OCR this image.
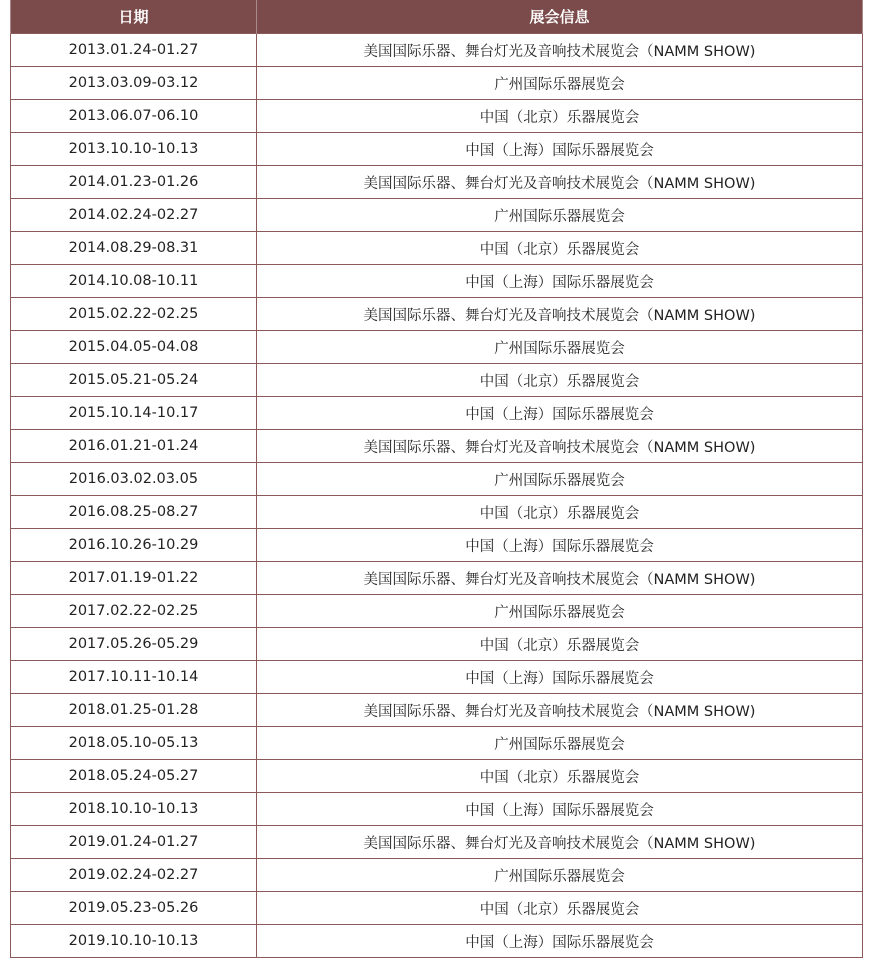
日期	展会信息
2013.01.24-01.27	美国国际乐器、舞台灯光及音响技术展览会（NAMM SHOW)
2013.03.09-03.12	广州国际乐器展览会
2013.06.07-06.10	中国（北京）乐器展览会
2013.10.10-10.13	中国（上海）国际乐器展览会
2014.01.23-01.26	美国国际乐器、舞台灯光及音响技术展览会（NAMM SHOW)
2014.02.24-02.27	广州国际乐器展览会
2014.08.29-08.31	中国（北京）乐器展览会
2014.10.08-10.11	中国（上海）国际乐器展览会
2015.02.22-02.25	美国国际乐器、舞台灯光及音响技术展览会（NAMM SHOW)
2015.04.05-04.08	广州国际乐器展览会
2015.05.21-05.24	中国（北京）乐器展览会
2015.10.14-10.17	中国（上海）国际乐器展览会
2016.01.21-01.24	美国国际乐器、舞台灯光及音响技术展览会（NAMM SHOW)
2016.03.02.03.05	广州国际乐器展览会
2016.08.25-08.27	中国（北京）乐器展览会
2016.10.26-10.29	中国（上海）国际乐器展览会
2017.01.19-01.22	美国国际乐器、舞台灯光及音响技术展览会（NAMM SHOW)
2017.02.22-02.25	广州国际乐器展览会
2017.05.26-05.29	中国（北京）乐器展览会
2017.10.11-10.14	中国（上海）国际乐器展览会
2018.01.25-01.28	美国国际乐器、舞台灯光及音响技术展览会（NAMM SHOW)
2018.05.10-05.13	广州国际乐器展览会
2018.05.24-05.27	中国（北京）乐器展览会
2018.10.10-10.13	中国（上海）国际乐器展览会
2019.01.24-01.27	美国国际乐器、舞台灯光及音响技术展览会（NAMM SHOW)
2019.02.24-02.27	广州国际乐器展览会
2019.05.23-05.26	中国（北京）乐器展览会
2019.10.10-10.13	中国（上海）国际乐器展览会
